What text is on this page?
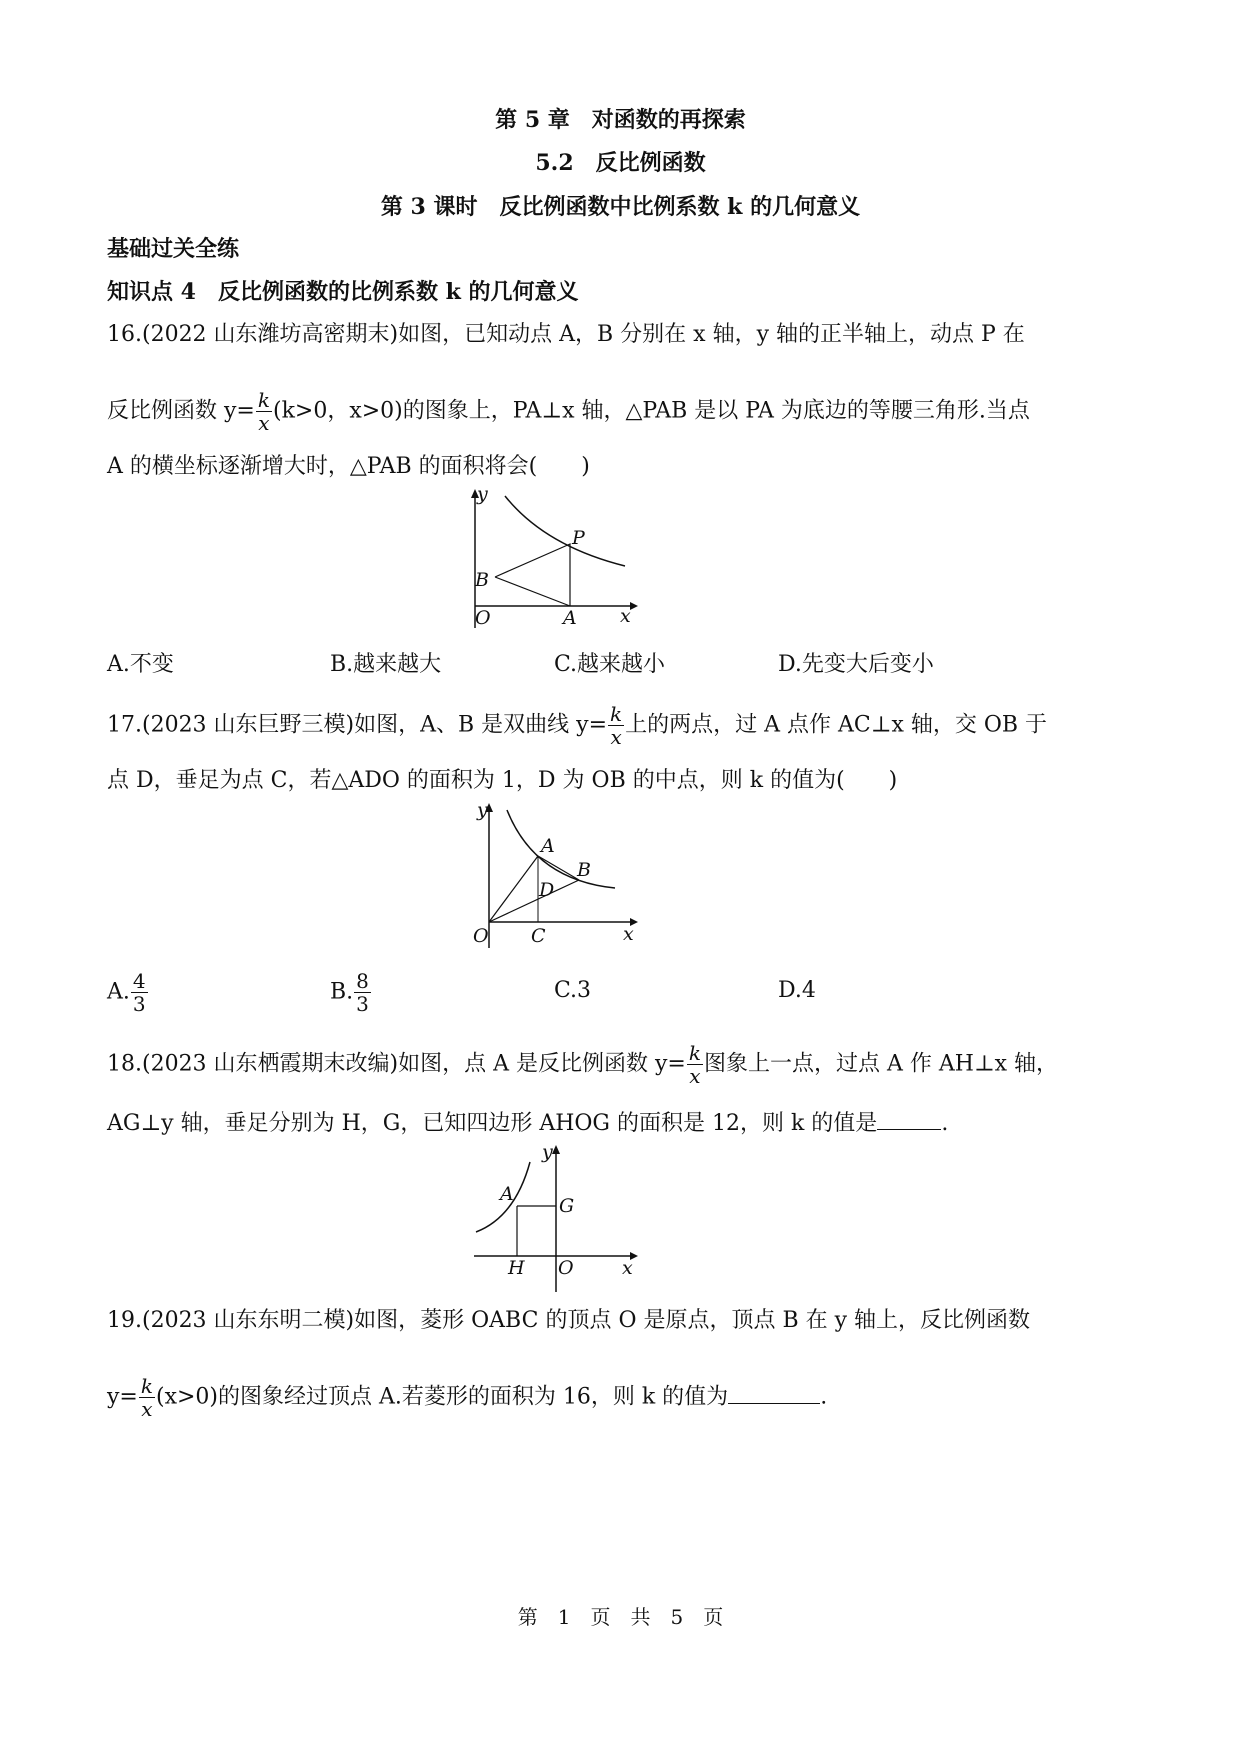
第 5 章　对函数的再探索
5.2　反比例函数
第 3 课时　反比例函数中比例系数 k 的几何意义
基础过关全练
知识点 4　反比例函数的比例系数 k 的几何意义
16.(2022 山东潍坊高密期末)如图，已知动点 A，B 分别在 x 轴，y 轴的正半轴上，动点 P 在
反比例函数 $y= \frac{k}{x} (k>0$，x>0)的图象上，PA⊥x 轴，△PAB 是以 PA 为底边的等腰三角形.当点
A 的横坐标逐渐增大时，△PAB 的面积将会(　　)
y
x
O	A
B
P
A.不变	B.越来越大	C.越来越小	D.先变大后变小
17.(2023 山东巨野三模)如图，A、B 是双曲线 $y= \frac{k}{x}$ 上的两点，过 A 点作 AC⊥x 轴，交 OB 于
点 D，垂足为点 C，若△ADO 的面积为 1，D 为 OB 的中点，则 k 的值为(　　)
y
x
O C
A
B
D
A. $\frac{4}{3}$	B. $\frac{8}{3}$	C.3	D.4
18.(2023 山东栖霞期末改编)如图，点 A 是反比例函数 $y= \frac{k}{x}$ 图象上一点，过点 A 作 AH⊥x 轴，
AG⊥y 轴，垂足分别为 H，G，已知四边形 AHOG 的面积是 12，则 k 的值是	.
y
x
O
H
A
G
19.(2023 山东东明二模)如图，菱形 OABC 的顶点 O 是原点，顶点 B 在 y 轴上，反比例函数
$y= \frac{k}{x} (x>0)$的图象经过顶点 A.若菱形的面积为 16，则 k 的值为	.
第　1　页　共　5　页
